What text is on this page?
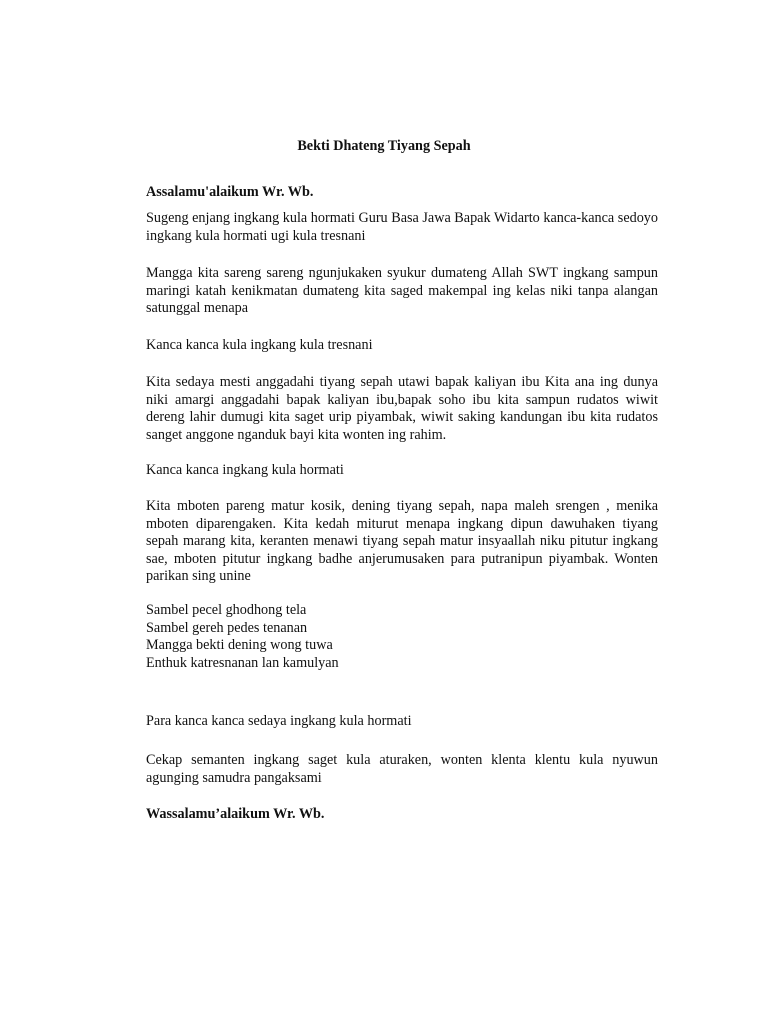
Bekti Dhateng Tiyang Sepah

Assalamu'alaikum Wr. Wb.

Sugeng enjang ingkang kula hormati Guru Basa Jawa Bapak Widarto kanca-kanca sedoyo ingkang kula hormati ugi kula tresnani

Mangga kita sareng sareng ngunjukaken syukur dumateng Allah SWT ingkang sampun maringi katah kenikmatan dumateng kita saged makempal ing kelas niki tanpa alangan satunggal menapa

Kanca kanca kula ingkang kula tresnani

Kita sedaya mesti anggadahi tiyang sepah utawi bapak kaliyan ibu Kita ana ing dunya niki amargi anggadahi bapak kaliyan ibu,bapak soho ibu kita sampun rudatos wiwit dereng lahir dumugi kita saget urip piyambak, wiwit saking kandungan ibu kita rudatos sanget anggone nganduk bayi kita wonten ing rahim.

Kanca kanca ingkang kula hormati

Kita mboten pareng matur kosik, dening tiyang sepah, napa maleh srengen , menika mboten diparengaken. Kita kedah miturut menapa ingkang dipun dawuhaken tiyang sepah marang kita, keranten menawi tiyang sepah matur insyaallah niku pitutur ingkang sae, mboten pitutur ingkang badhe anjerumusaken para putranipun piyambak. Wonten parikan sing unine

Sambel pecel ghodhong tela
Sambel gereh pedes tenanan
Mangga bekti dening wong tuwa
Enthuk katresnanan lan kamulyan

Para kanca kanca sedaya ingkang kula hormati

Cekap semanten ingkang saget kula aturaken, wonten klenta klentu kula nyuwun agunging samudra pangaksami

Wassalamu’alaikum Wr. Wb.
